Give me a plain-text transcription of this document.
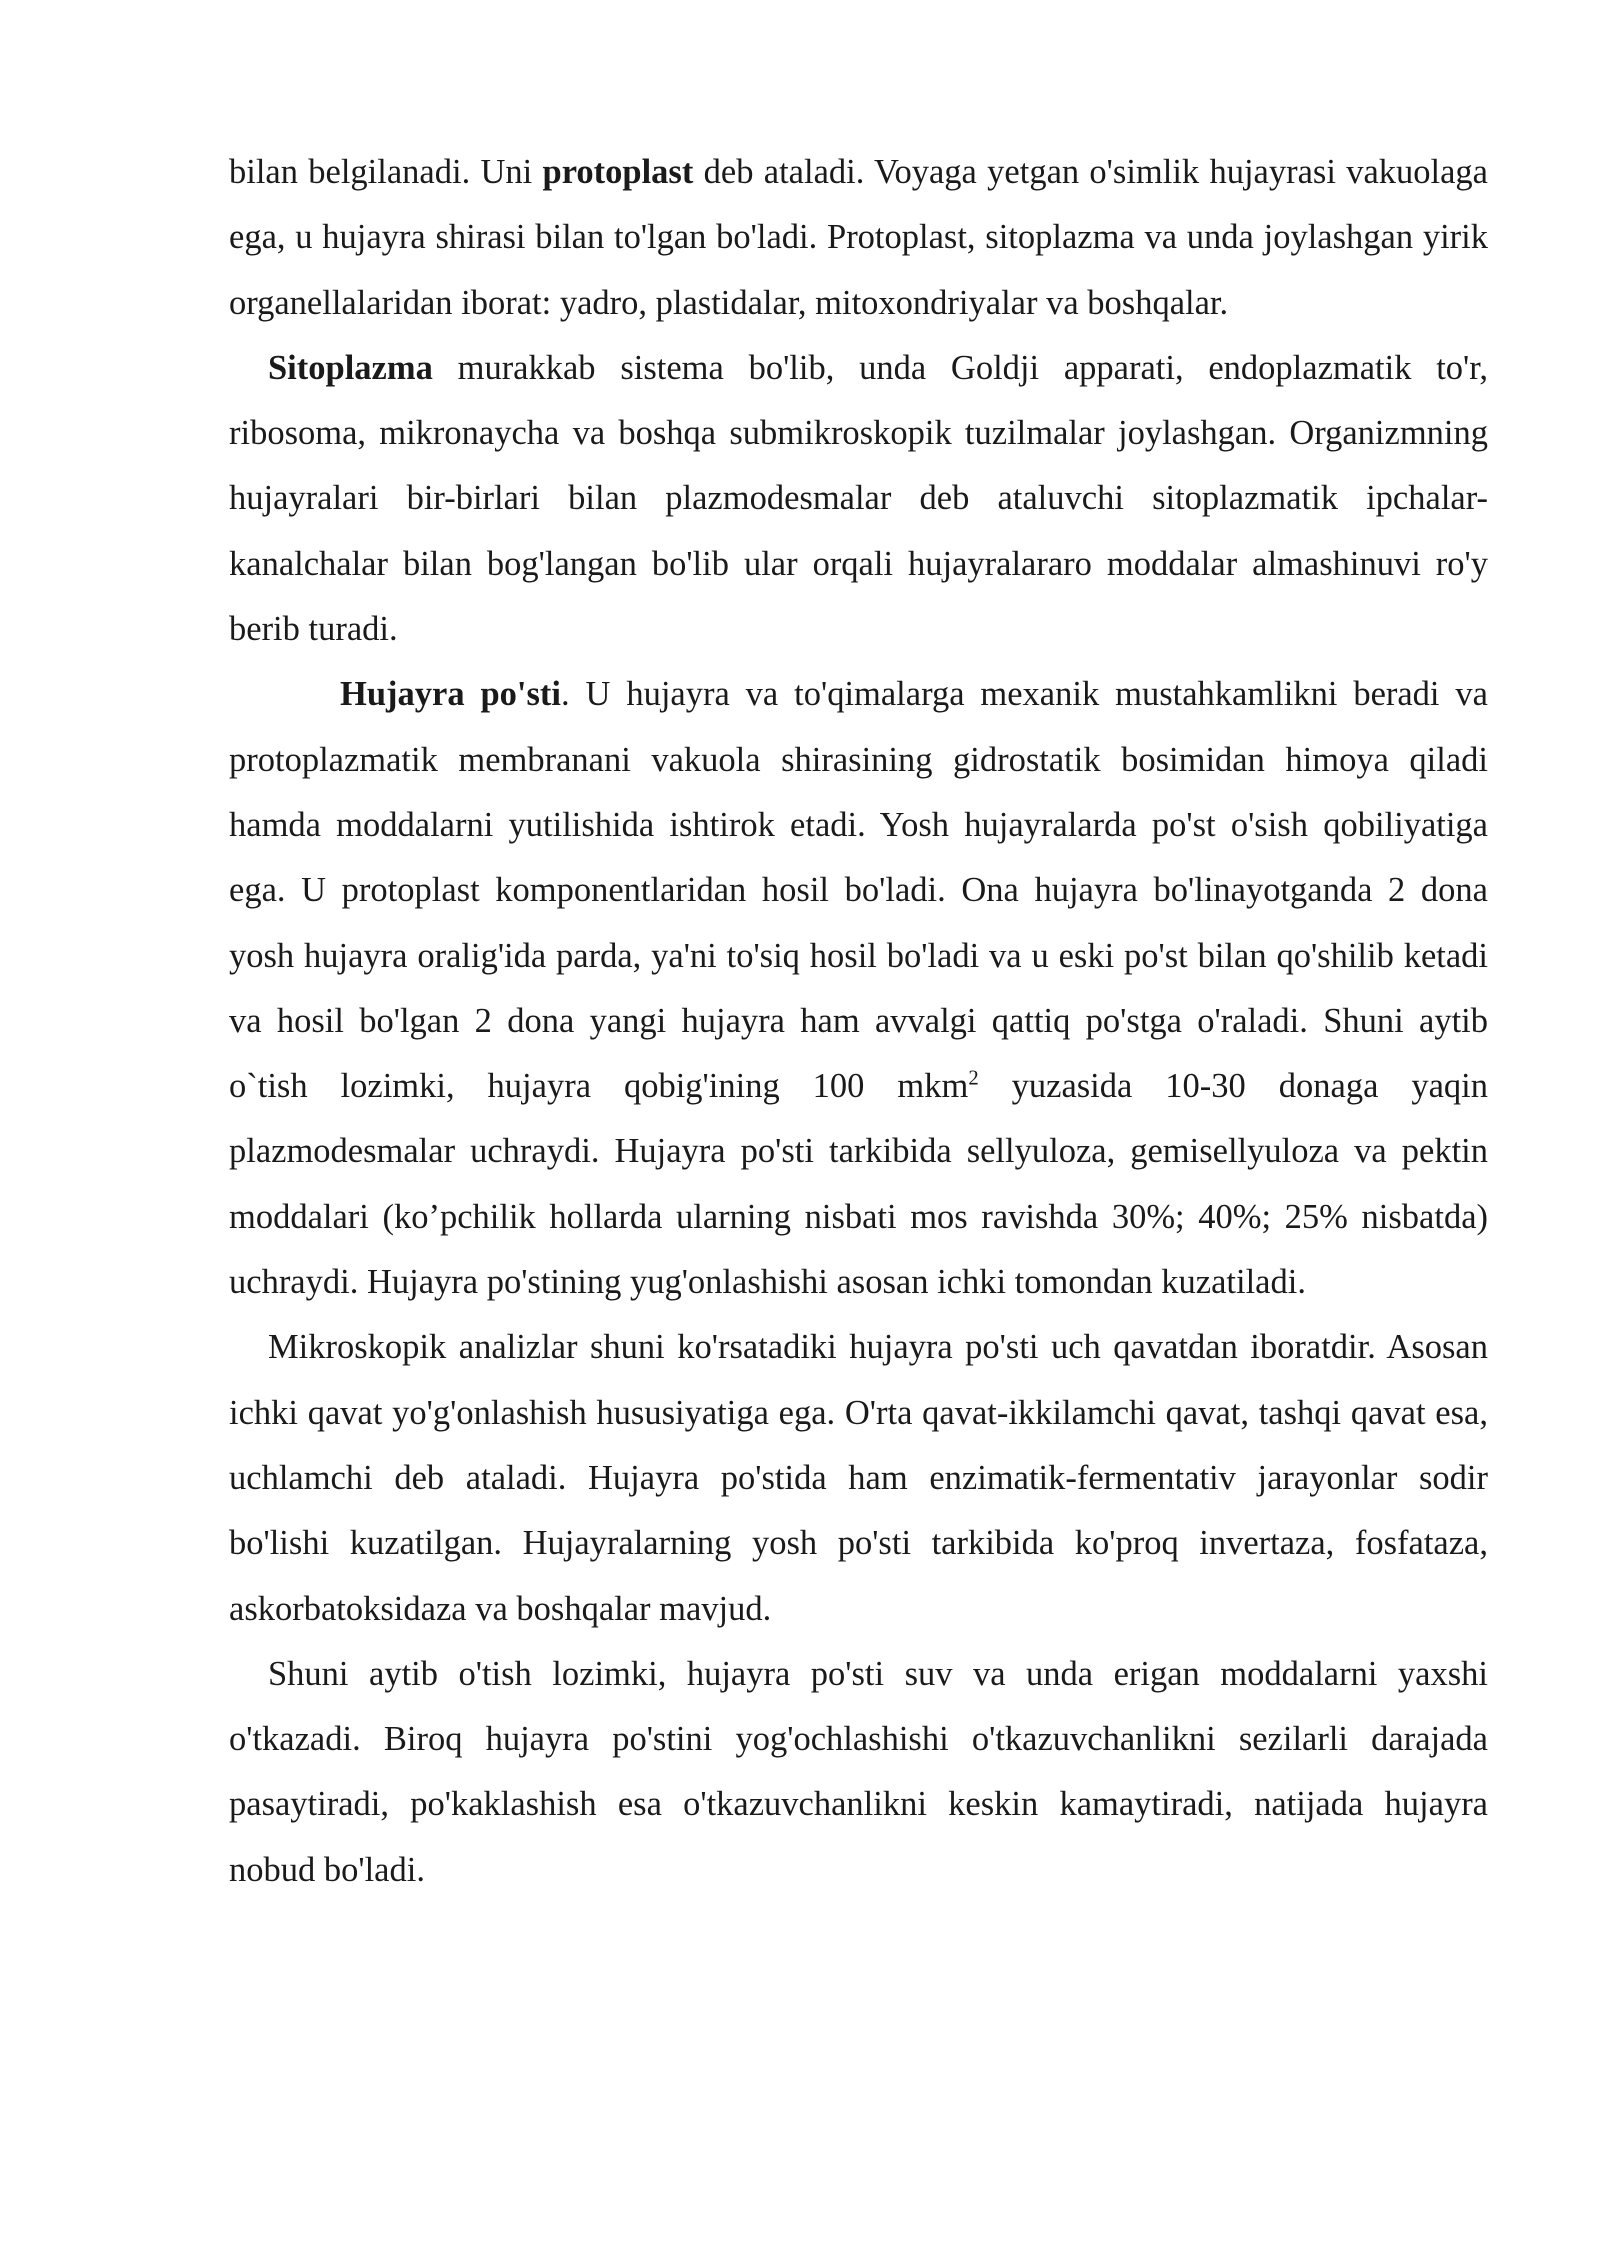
bilan belgilanadi. Uni protoplast deb ataladi. Voyaga yetgan o'simlik hujayrasi vakuolaga ega, u hujayra shirasi bilan to'lgan bo'ladi. Protoplast, sitoplazma va unda joylashgan yirik organellalaridan iborat: yadro, plastidalar, mitoxondriyalar va boshqalar.

Sitoplazma murakkab sistema bo'lib, unda Goldji apparati, endoplazmatik to'r, ribosoma, mikronaycha va boshqa submikroskopik tuzilmalar joylashgan. Organizmning hujayralari bir-birlari bilan plazmodesmalar deb ataluvchi sitoplazmatik ipchalar-kanalchalar bilan bog'langan bo'lib ular orqali hujayralararo moddalar almashinuvi ro'y berib turadi.

Hujayra po'sti. U hujayra va to'qimalarga mexanik mustahkamlikni beradi va protoplazmatik membranani vakuola shirasining gidrostatik bosimidan himoya qiladi hamda moddalarni yutilishida ishtirok etadi. Yosh hujayralarda po'st o'sish qobiliyatiga ega. U protoplast komponentlaridan hosil bo'ladi. Ona hujayra bo'linayotganda 2 dona yosh hujayra oralig'ida parda, ya'ni to'siq hosil bo'ladi va u eski po'st bilan qo'shilib ketadi va hosil bo'lgan 2 dona yangi hujayra ham avvalgi qattiq po'stga o'raladi. Shuni aytib o`tish lozimki, hujayra qobig'ining 100 mkm$^2$ yuzasida 10-30 donaga yaqin plazmodesmalar uchraydi. Hujayra po'sti tarkibida sellyuloza, gemisellyuloza va pektin moddalari (ko’pchilik hollarda ularning nisbati mos ravishda 30%; 40%; 25% nisbatda) uchraydi. Hujayra po'stining yug'onlashishi asosan ichki tomondan kuzatiladi.

Mikroskopik analizlar shuni ko'rsatadiki hujayra po'sti uch qavatdan iboratdir. Asosan ichki qavat yo'g'onlashish hususiyatiga ega. O'rta qavat-ikkilamchi qavat, tashqi qavat esa, uchlamchi deb ataladi. Hujayra po'stida ham enzimatik-fermentativ jarayonlar sodir bo'lishi kuzatilgan. Hujayralarning yosh po'sti tarkibida ko'proq invertaza, fosfataza, askorbatoksidaza va boshqalar mavjud.

Shuni aytib o'tish lozimki, hujayra po'sti suv va unda erigan moddalarni yaxshi o'tkazadi. Biroq hujayra po'stini yog'ochlashishi o'tkazuvchanlikni sezilarli darajada pasaytiradi, po'kaklashish esa o'tkazuvchanlikni keskin kamaytiradi, natijada hujayra nobud bo'ladi.
